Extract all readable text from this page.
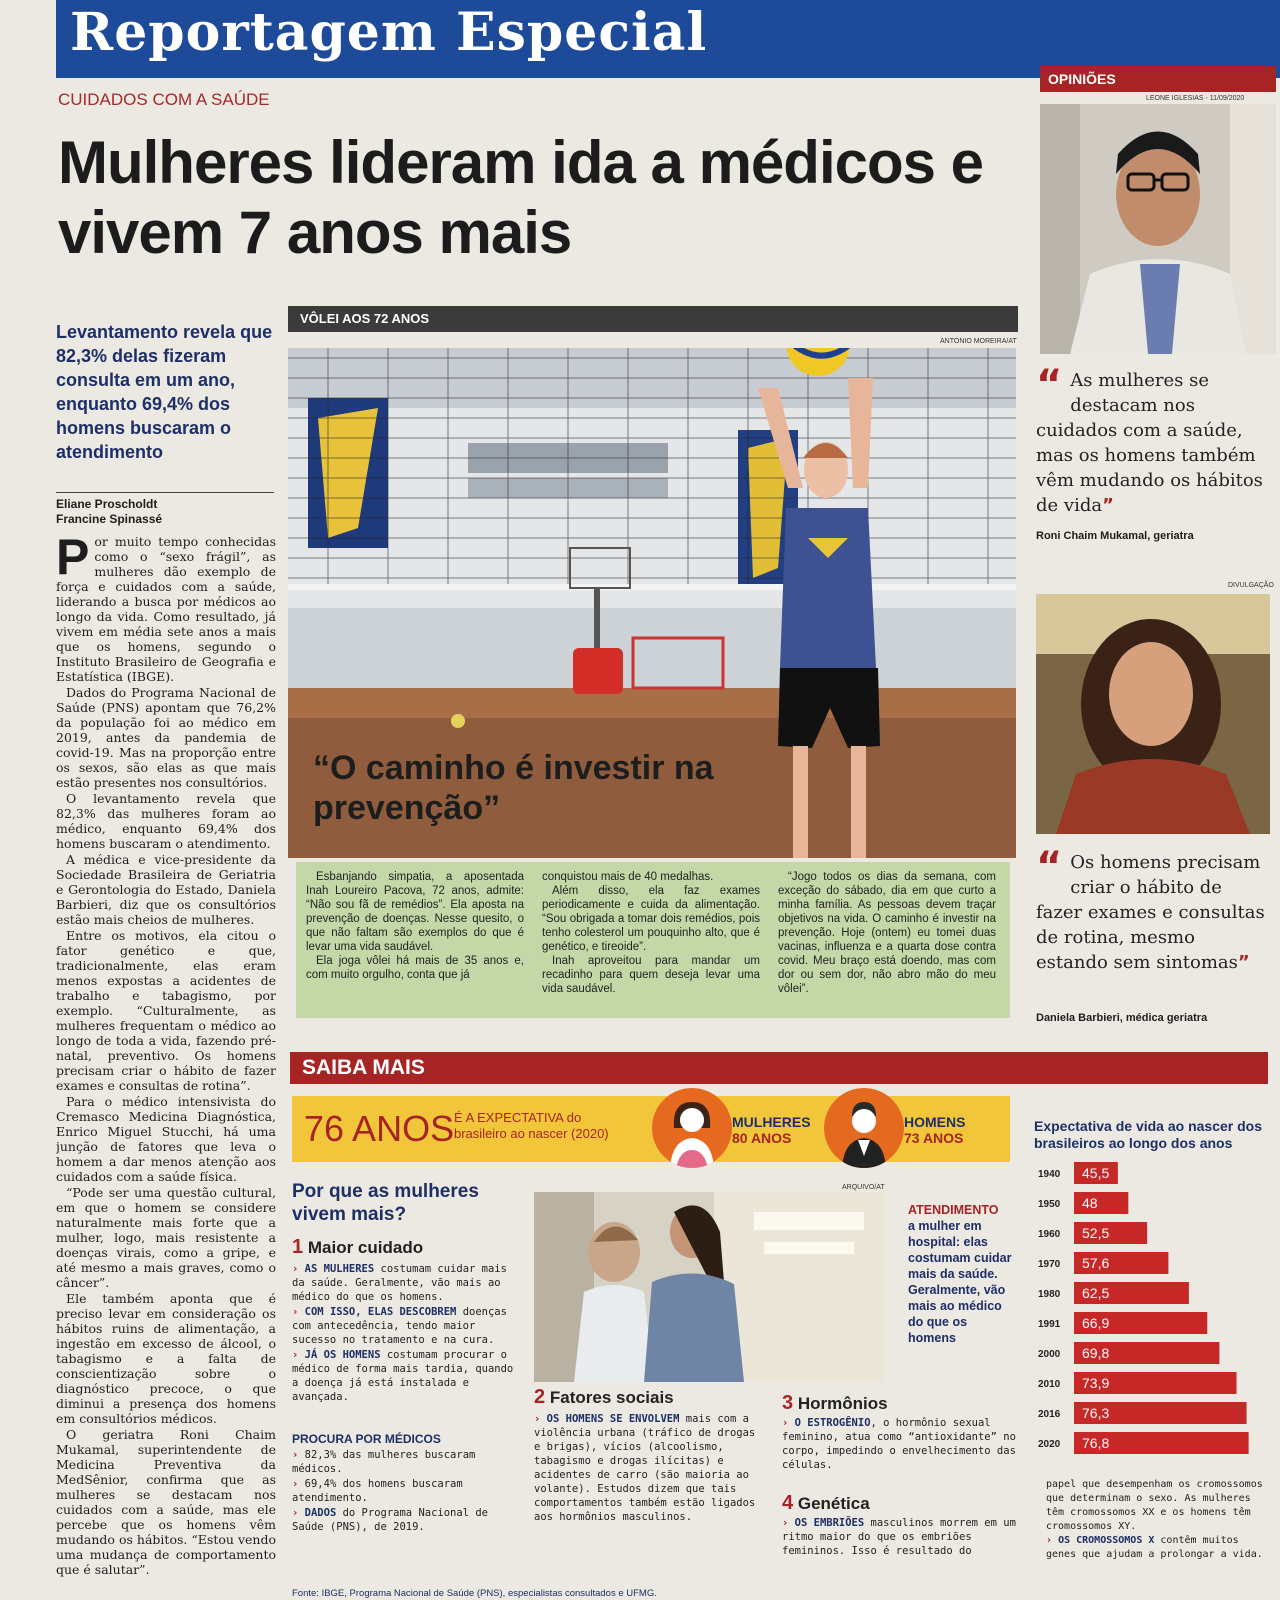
Reportagem Especial
CUIDADOS COM A SAÚDE
Mulheres lideram ida a médicos e vivem 7 anos mais
Levantamento revela que 82,3% delas fizeram consulta em um ano, enquanto 69,4% dos homens buscaram o atendimento
Eliane Proscholdt
Francine Spinassé

Por muito tempo conhecidas como o “sexo frágil”, as mulheres dão exemplo de força e cuidados com a saúde, liderando a busca por médicos ao longo da vida. Como resultado, já vivem em média sete anos a mais que os homens, segundo o Instituto Brasileiro de Geografia e Estatística (IBGE).

Dados do Programa Nacional de Saúde (PNS) apontam que 76,2% da população foi ao médico em 2019, antes da pandemia de covid-19. Mas na proporção entre os sexos, são elas as que mais estão presentes nos consultórios.

O levantamento revela que 82,3% das mulheres foram ao médico, enquanto 69,4% dos homens buscaram o atendimento.

A médica e vice-presidente da Sociedade Brasileira de Geriatria e Gerontologia do Estado, Daniela Barbieri, diz que os consultórios estão mais cheios de mulheres.

Entre os motivos, ela citou o fator genético e que, tradicionalmente, elas eram menos expostas a acidentes de trabalho e tabagismo, por exemplo. “Culturalmente, as mulheres frequentam o médico ao longo de toda a vida, fazendo pré-natal, preventivo. Os homens precisam criar o hábito de fazer exames e consultas de rotina”.

Para o médico intensivista do Cremasco Medicina Diagnóstica, Enrico Miguel Stucchi, há uma junção de fatores que leva o homem a dar menos atenção aos cuidados com a saúde física.

“Pode ser uma questão cultural, em que o homem se considere naturalmente mais forte que a mulher, logo, mais resistente a doenças virais, como a gripe, e até mesmo a mais graves, como o câncer”.

Ele também aponta que é preciso levar em consideração os hábitos ruins de alimentação, a ingestão em excesso de álcool, o tabagismo e a falta de conscientização sobre o diagnóstico precoce, o que diminui a presença dos homens em consultórios médicos.

O geriatra Roni Chaim Mukamal, superintendente de Medicina Preventiva da MedSênior, confirma que as mulheres se destacam nos cuidados com a saúde, mas ele percebe que os homens vêm mudando os hábitos. “Estou vendo uma mudança de comportamento que é salutar”.

VÔLEI AOS 72 ANOS
ANTONIO MOREIRA/AT
“O caminho é investir na prevenção”

Esbanjando simpatia, a aposentada Inah Loureiro Pacova, 72 anos, admite: “Não sou fã de remédios”. Ela aposta na prevenção de doenças. Nesse quesito, o que não faltam são exemplos do que é levar uma vida saudável.

Ela joga vôlei há mais de 35 anos e, com muito orgulho, conta que já

conquistou mais de 40 medalhas.

Além disso, ela faz exames periodicamente e cuida da alimentação. “Sou obrigada a tomar dois remédios, pois tenho colesterol um pouquinho alto, que é genético, e tireoide”.

Inah aproveitou para mandar um recadinho para quem deseja levar uma vida saudável.

“Jogo todos os dias da semana, com exceção do sábado, dia em que curto a minha família. As pessoas devem traçar objetivos na vida. O caminho é investir na prevenção. Hoje (ontem) eu tomei duas vacinas, influenza e a quarta dose contra covid. Meu braço está doendo, mas com dor ou sem dor, não abro mão do meu vôlei”.

OPINIÕES
LEONE IGLESIAS - 11/09/2020
“ As mulheres se destacam nos cuidados com a saúde, mas os homens também vêm mudando os hábitos de vida”
Roni Chaim Mukamal, geriatra
DIVULGAÇÃO
“ Os homens precisam criar o hábito de fazer exames e consultas de rotina, mesmo estando sem sintomas”
Daniela Barbieri, médica geriatra
SAIBA MAIS
76 ANOS É A EXPECTATIVA do brasileiro ao nascer (2020)
MULHERES
80 ANOS
HOMENS
73 ANOS
Por que as mulheres vivem mais?
1 Maior cuidado

› AS MULHERES costumam cuidar mais da saúde. Geralmente, vão mais ao médico do que os homens.

› COM ISSO, ELAS DESCOBREM doenças com antecedência, tendo maior sucesso no tratamento e na cura.

› JÁ OS HOMENS costumam procurar o médico de forma mais tardia, quando a doença já está instalada e avançada.

PROCURA POR MÉDICOS

› 82,3% das mulheres buscaram médicos.

› 69,4% dos homens buscaram atendimento.

› DADOS do Programa Nacional de Saúde (PNS), de 2019.

ARQUIVO/AT
ATENDIMENTO
a mulher em hospital: elas costumam cuidar mais da saúde. Geralmente, vão mais ao médico do que os homens
2 Fatores sociais

› OS HOMENS SE ENVOLVEM mais com a violência urbana (tráfico de drogas e brigas), vícios (alcoolismo, tabagismo e drogas ilícitas) e acidentes de carro (são maioria ao volante). Estudos dizem que tais comportamentos também estão ligados aos hormônios masculinos.

3 Hormônios

› O ESTROGÊNIO, o hormônio sexual feminino, atua como “antioxidante” no corpo, impedindo o envelhecimento das células.

4 Genética

› OS EMBRIÕES masculinos morrem em um ritmo maior do que os embriões femininos. Isso é resultado do

Expectativa de vida ao nascer dos brasileiros ao longo dos anos
1940 45,5
1950 48
1960 52,5
1970 57,6
1980 62,5
1991 66,9
2000 69,8
2010 73,9
2016 76,3
2020 76,8

papel que desempenham os cromossomos que determinam o sexo. As mulheres têm cromossomos XX e os homens têm cromossomos XY.

› OS CROMOSSOMOS X contêm muitos genes que ajudam a prolongar a vida.

Fonte: IBGE, Programa Nacional de Saúde (PNS), especialistas consultados e UFMG.
